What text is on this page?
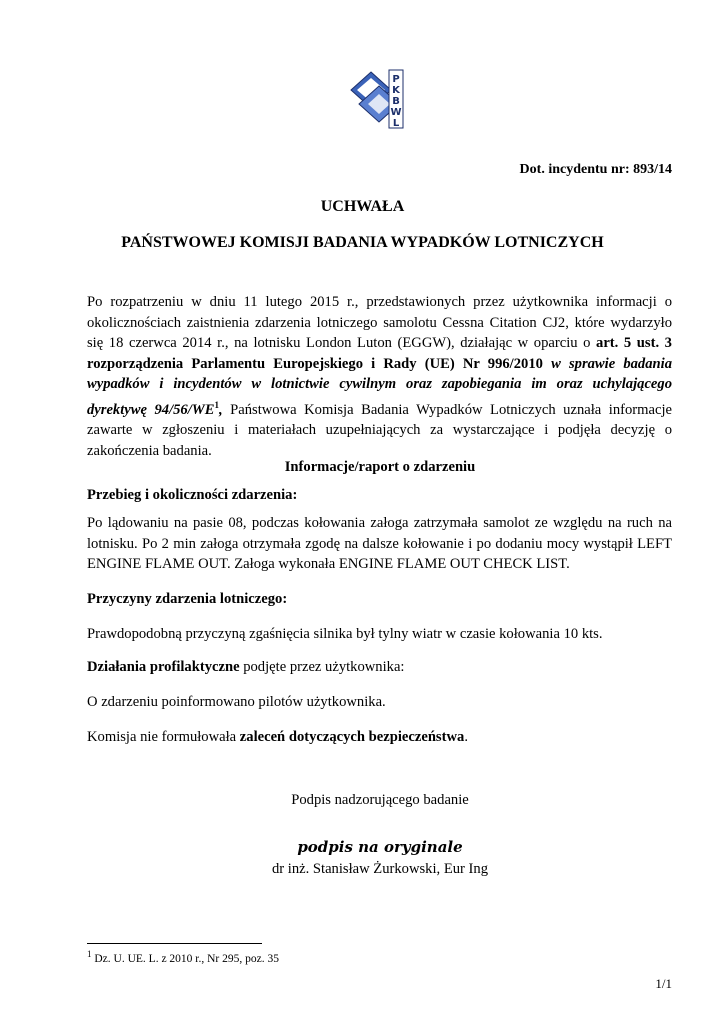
P
K
B
W
L
Dot. incydentu nr: 893/14
UCHWAŁA
PAŃSTWOWEJ KOMISJI BADANIA WYPADKÓW LOTNICZYCH
Po rozpatrzeniu w dniu 11 lutego 2015 r., przedstawionych przez użytkownika informacji o okolicznościach zaistnienia zdarzenia lotniczego samolotu Cessna Citation CJ2, które wydarzyło się 18 czerwca 2014 r., na lotnisku London Luton (EGGW), działając w oparciu o art. 5 ust. 3 rozporządzenia Parlamentu Europejskiego i Rady (UE) Nr 996/2010 w sprawie badania wypadków i incydentów w lotnictwie cywilnym oraz zapobiegania im oraz uchylającego dyrektywę $94/56/WE^1$, Państwowa Komisja Badania Wypadków Lotniczych uznała informacje zawarte w zgłoszeniu i materiałach uzupełniających za wystarczające i podjęła decyzję o zakończenia badania.
Informacje/raport o zdarzeniu
Przebieg i okoliczności zdarzenia:
Po lądowaniu na pasie 08, podczas kołowania załoga zatrzymała samolot ze względu na ruch na lotnisku. Po 2 min załoga otrzymała zgodę na dalsze kołowanie i po dodaniu mocy wystąpił LEFT ENGINE FLAME OUT. Załoga wykonała ENGINE FLAME OUT CHECK LIST.
Przyczyny zdarzenia lotniczego:
Prawdopodobną przyczyną zgaśnięcia silnika był tylny wiatr w czasie kołowania 10 kts.
Działania profilaktyczne podjęte przez użytkownika:
O zdarzeniu poinformowano pilotów użytkownika.
Komisja nie formułowała zaleceń dotyczących bezpieczeństwa.
Podpis nadzorującego badanie
podpis na oryginale
dr inż. Stanisław Żurkowski, Eur Ing
$^1$ Dz. U. UE. L. z 2010 r., Nr 295, poz. 35
1/1
